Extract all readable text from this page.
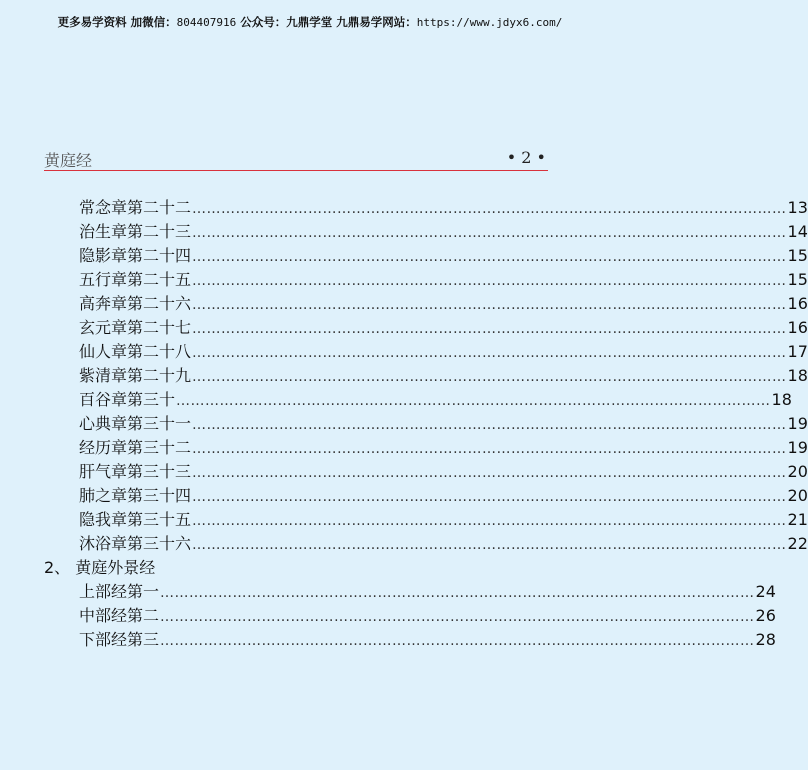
更多易学资料 加微信：804407916 公众号：九鼎学堂 九鼎易学网站：https://www.jdyx6.com/
黄庭经	• 2 •
常念章第二十二 …………………………………………………………………………………………………………… 13
治生章第二十三 …………………………………………………………………………………………………………… 14
隐影章第二十四 …………………………………………………………………………………………………………… 15
五行章第二十五 …………………………………………………………………………………………………………… 15
高奔章第二十六 …………………………………………………………………………………………………………… 16
玄元章第二十七 …………………………………………………………………………………………………………… 16
仙人章第二十八 …………………………………………………………………………………………………………… 17
紫清章第二十九 …………………………………………………………………………………………………………… 18
百谷章第三十 …………………………………………………………………………………………………………… 18
心典章第三十一 …………………………………………………………………………………………………………… 19
经历章第三十二 …………………………………………………………………………………………………………… 19
肝气章第三十三 …………………………………………………………………………………………………………… 20
肺之章第三十四 …………………………………………………………………………………………………………… 20
隐我章第三十五 …………………………………………………………………………………………………………… 21
沐浴章第三十六 …………………………………………………………………………………………………………… 22
2、 黄庭外景经
上部经第一 …………………………………………………………………………………………………………… 24
中部经第二 …………………………………………………………………………………………………………… 26
下部经第三 …………………………………………………………………………………………………………… 28
